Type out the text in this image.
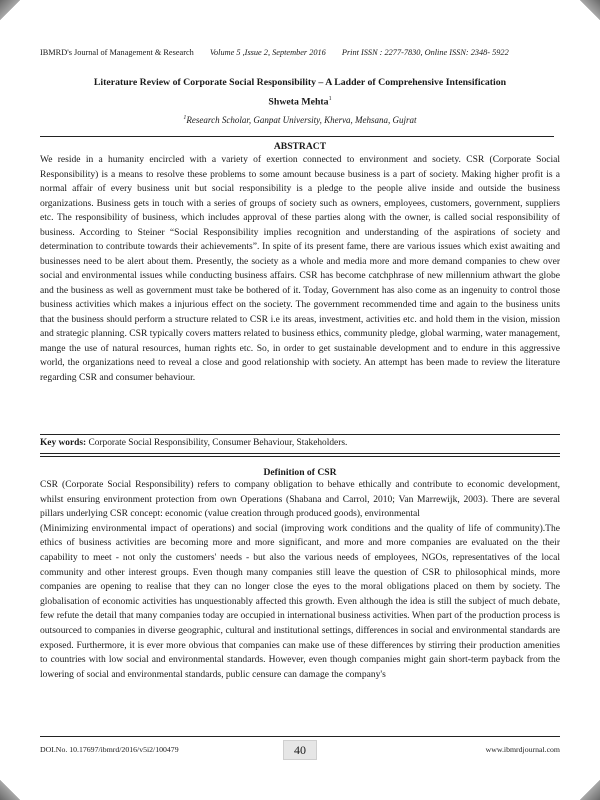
IBMRD's Journal of Management & Research Volume 5 ,Issue 2, September 2016 Print ISSN : 2277-7830, Online ISSN: 2348- 5922
Literature Review of Corporate Social Responsibility – A Ladder of Comprehensive Intensification
Shweta Mehta$^1$
$^1$Research Scholar, Ganpat University, Kherva, Mehsana, Gujrat
ABSTRACT
We reside in a humanity encircled with a variety of exertion connected to environment and society. CSR (Corporate Social Responsibility) is a means to resolve these problems to some amount because business is a part of society. Making higher profit is a normal affair of every business unit but social responsibility is a pledge to the people alive inside and outside the business organizations. Business gets in touch with a series of groups of society such as owners, employees, customers, government, suppliers etc. The responsibility of business, which includes approval of these parties along with the owner, is called social responsibility of business. According to Steiner “Social Responsibility implies recognition and understanding of the aspirations of society and determination to contribute towards their achievements”. In spite of its present fame, there are various issues which exist awaiting and businesses need to be alert about them. Presently, the society as a whole and media more and more demand companies to chew over social and environmental issues while conducting business affairs. CSR has become catchphrase of new millennium athwart the globe and the business as well as government must take be bothered of it. Today, Government has also come as an ingenuity to control those business activities which makes a injurious effect on the society. The government recommended time and again to the business units that the business should perform a structure related to CSR i.e its areas, investment, activities etc. and hold them in the vision, mission and strategic planning. CSR typically covers matters related to business ethics, community pledge, global warming, water management, mange the use of natural resources, human rights etc. So, in order to get sustainable development and to endure in this aggressive world, the organizations need to reveal a close and good relationship with society. An attempt has been made to review the literature regarding CSR and consumer behaviour.
Key words: Corporate Social Responsibility, Consumer Behaviour, Stakeholders.
Definition of CSR

CSR (Corporate Social Responsibility) refers to company obligation to behave ethically and contribute to economic development, whilst ensuring environment protection from own Operations (Shabana and Carrol, 2010; Van Marrewijk, 2003). There are several pillars underlying CSR concept: economic (value creation through produced goods), environmental

(Minimizing environmental impact of operations) and social (improving work conditions and the quality of life of community).The ethics of business activities are becoming more and more significant, and more and more companies are evaluated on the their capability to meet - not only the customers' needs - but also the various needs of employees, NGOs, representatives of the local community and other interest groups. Even though many companies still leave the question of CSR to philosophical minds, more companies are opening to realise that they can no longer close the eyes to the moral obligations placed on them by society. The globalisation of economic activities has unquestionably affected this growth. Even although the idea is still the subject of much debate, few refute the detail that many companies today are occupied in international business activities. When part of the production process is outsourced to companies in diverse geographic, cultural and institutional settings, differences in social and environmental standards are exposed. Furthermore, it is ever more obvious that companies can make use of these differences by stirring their production amenities to countries with low social and environmental standards. However, even though companies might gain short-term payback from the lowering of social and environmental standards, public censure can damage the company's

DOI.No. 10.17697/ibmrd/2016/v5i2/100479	40	www.ibmrdjournal.com
